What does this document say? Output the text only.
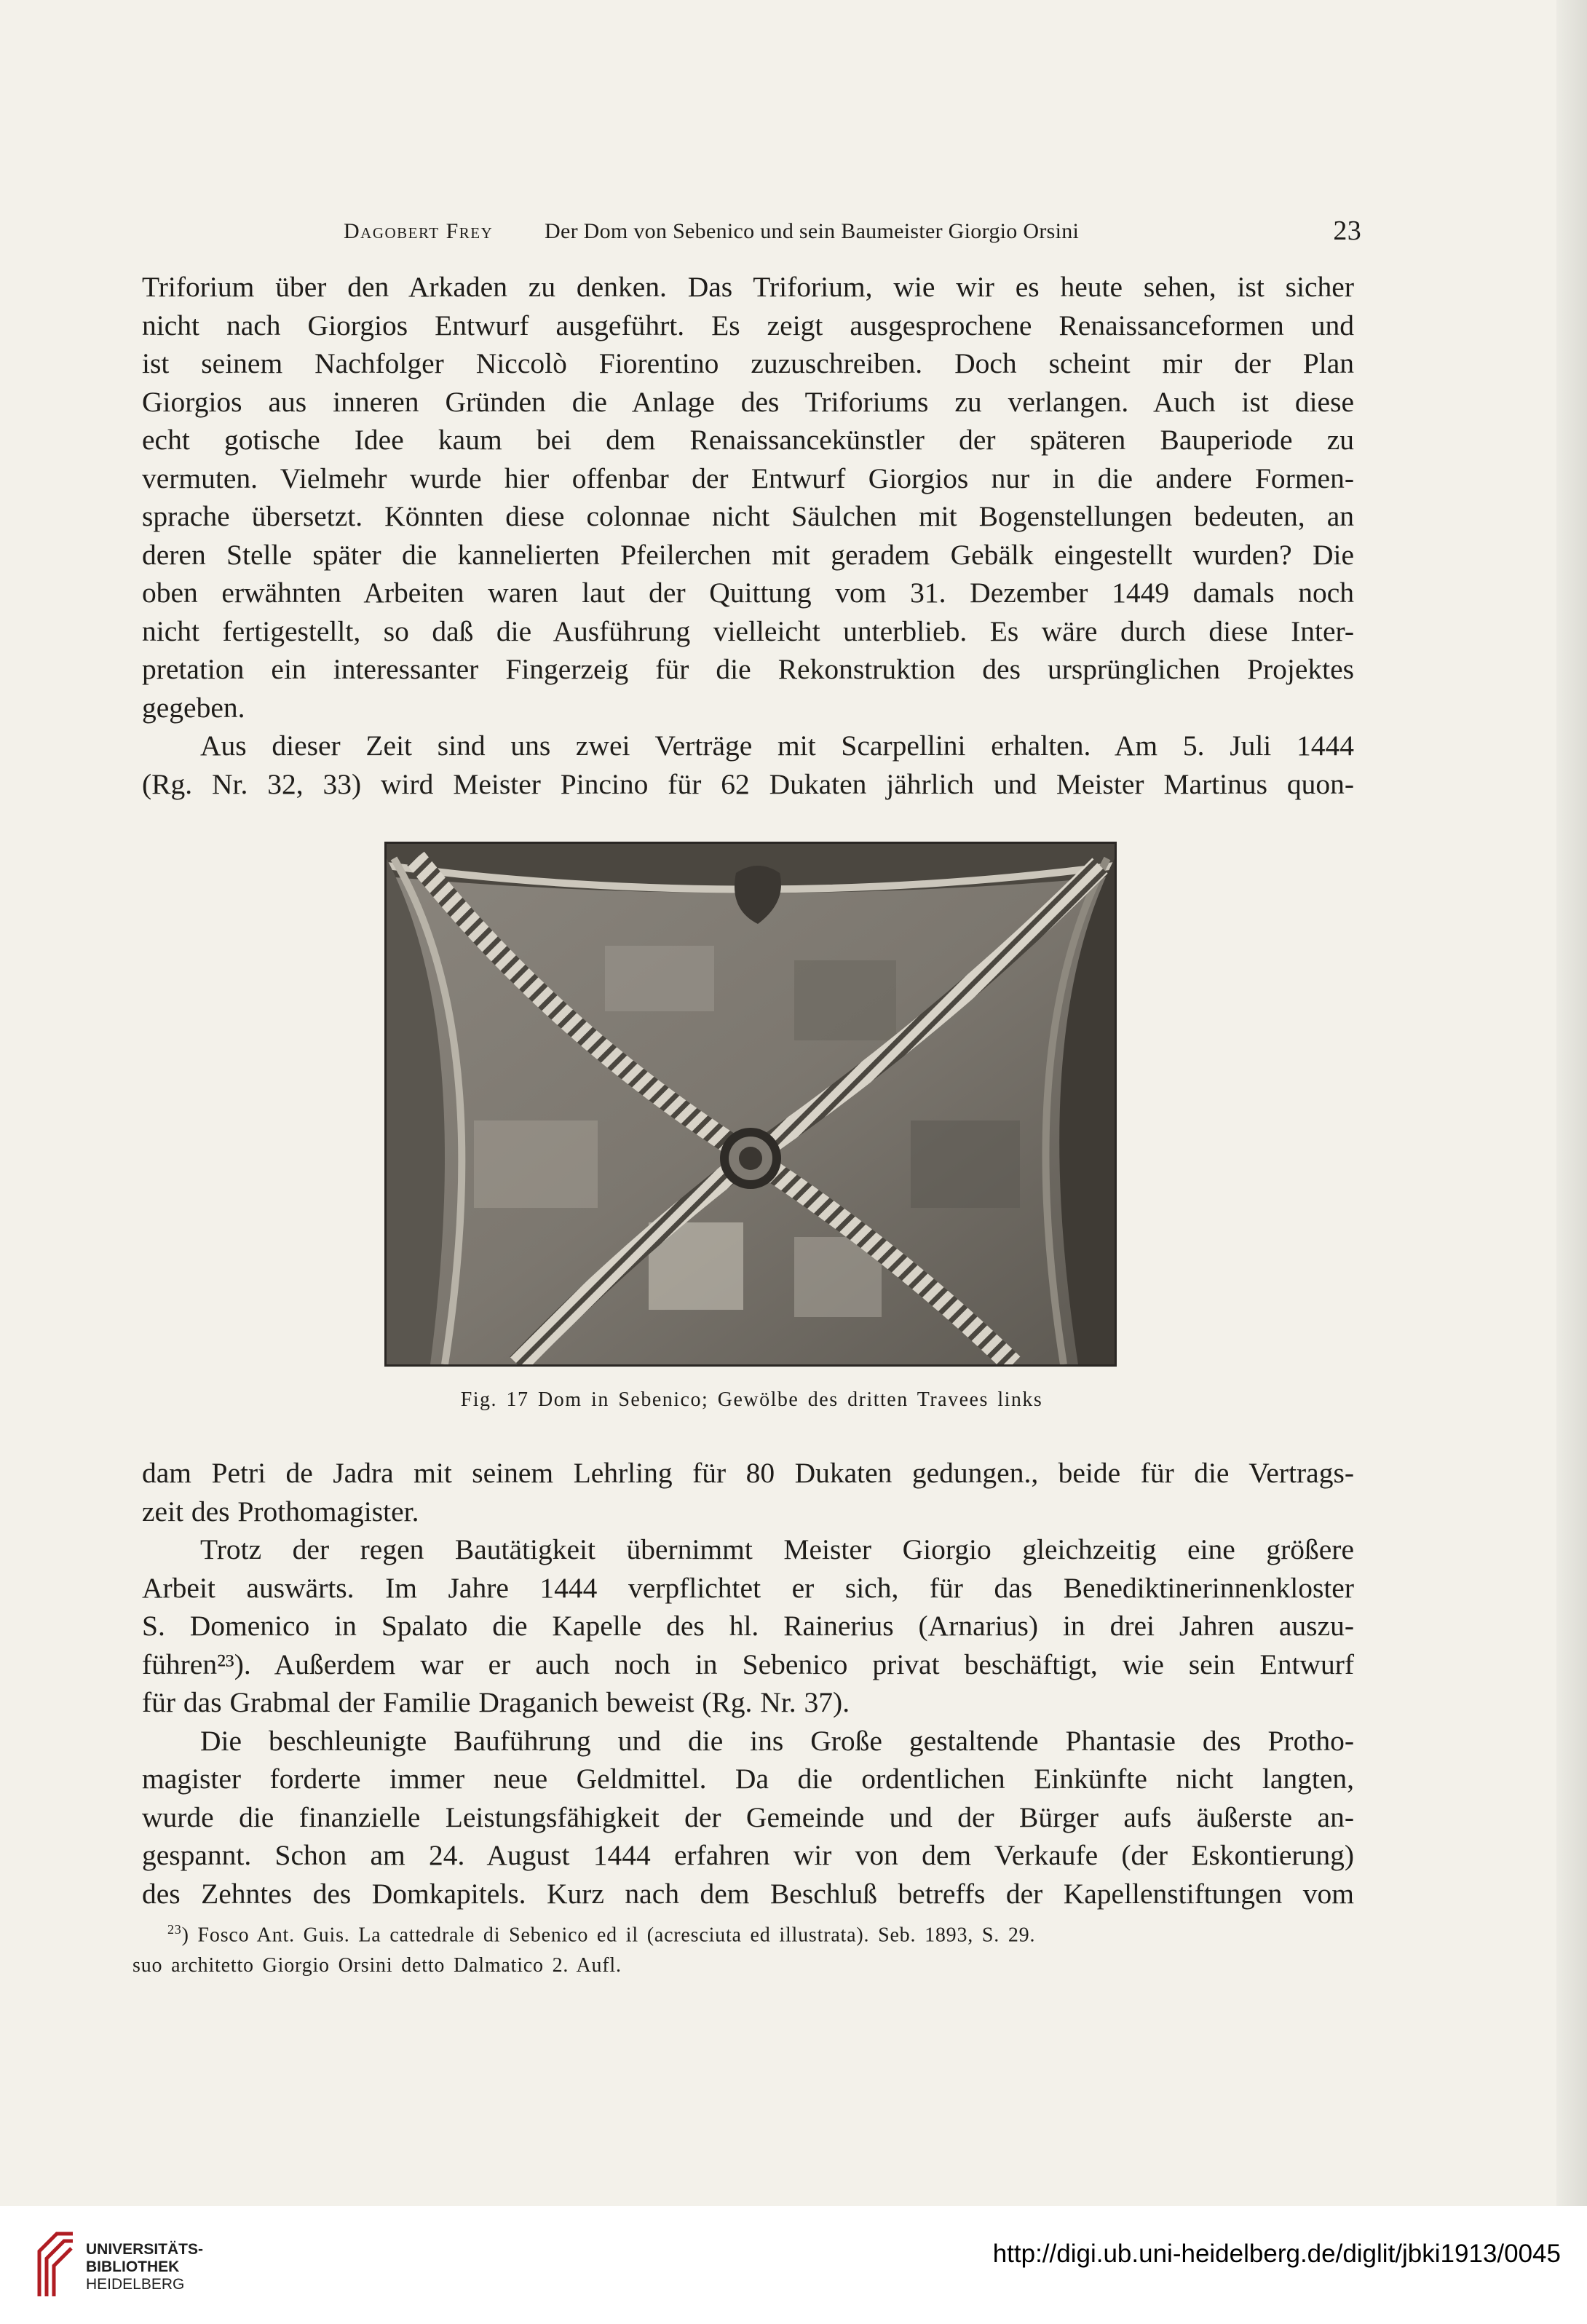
Dagobert Frey Der Dom von Sebenico und sein Baumeister Giorgio Orsini	23

Triforium über den Arkaden zu denken. Das Triforium, wie wir es heute sehen, ist sicher

nicht nach Giorgios Entwurf ausgeführt. Es zeigt ausgesprochene Renaissanceformen und

ist seinem Nachfolger Niccolò Fiorentino zuzuschreiben. Doch scheint mir der Plan

Giorgios aus inneren Gründen die Anlage des Triforiums zu verlangen. Auch ist diese

echt gotische Idee kaum bei dem Renaissancekünstler der späteren Bauperiode zu

vermuten. Vielmehr wurde hier offenbar der Entwurf Giorgios nur in die andere Formen-

sprache übersetzt. Könnten diese colonnae nicht Säulchen mit Bogenstellungen bedeuten, an

deren Stelle später die kannelierten Pfeilerchen mit geradem Gebälk eingestellt wurden? Die

oben erwähnten Arbeiten waren laut der Quittung vom 31. Dezember 1449 damals noch

nicht fertigestellt, so daß die Ausführung vielleicht unterblieb. Es wäre durch diese Inter-

pretation ein interessanter Fingerzeig für die Rekonstruktion des ursprünglichen Projektes

gegeben.

Aus dieser Zeit sind uns zwei Verträge mit Scarpellini erhalten. Am 5. Juli 1444

(Rg. Nr. 32, 33) wird Meister Pincino für 62 Dukaten jährlich und Meister Martinus quon-

Fig. 17 Dom in Sebenico; Gewölbe des dritten Travees links

dam Petri de Jadra mit seinem Lehrling für 80 Dukaten gedungen., beide für die Vertrags-

zeit des Prothomagister.

Trotz der regen Bautätigkeit übernimmt Meister Giorgio gleichzeitig eine größere

Arbeit auswärts. Im Jahre 1444 verpflichtet er sich, für das Benediktinerinnenkloster

S. Domenico in Spalato die Kapelle des hl. Rainerius (Arnarius) in drei Jahren auszu-

führen²³). Außerdem war er auch noch in Sebenico privat beschäftigt, wie sein Entwurf

für das Grabmal der Familie Draganich beweist (Rg. Nr. 37).

Die beschleunigte Bauführung und die ins Große gestaltende Phantasie des Protho-

magister forderte immer neue Geldmittel. Da die ordentlichen Einkünfte nicht langten,

wurde die finanzielle Leistungsfähigkeit der Gemeinde und der Bürger aufs äußerste an-

gespannt. Schon am 24. August 1444 erfahren wir von dem Verkaufe (der Eskontierung)

des Zehntes des Domkapitels. Kurz nach dem Beschluß betreffs der Kapellenstiftungen vom

$^{23}$) Fosco Ant. Guis. La cattedrale di Sebenico ed il (acresciuta ed illustrata). Seb. 1893, S. 29.
suo architetto Giorgio Orsini detto Dalmatico 2. Aufl.
UNIVERSITÄTS-
BIBLIOTHEK
HEIDELBERG
http://digi.ub.uni-heidelberg.de/diglit/jbki1913/0045
